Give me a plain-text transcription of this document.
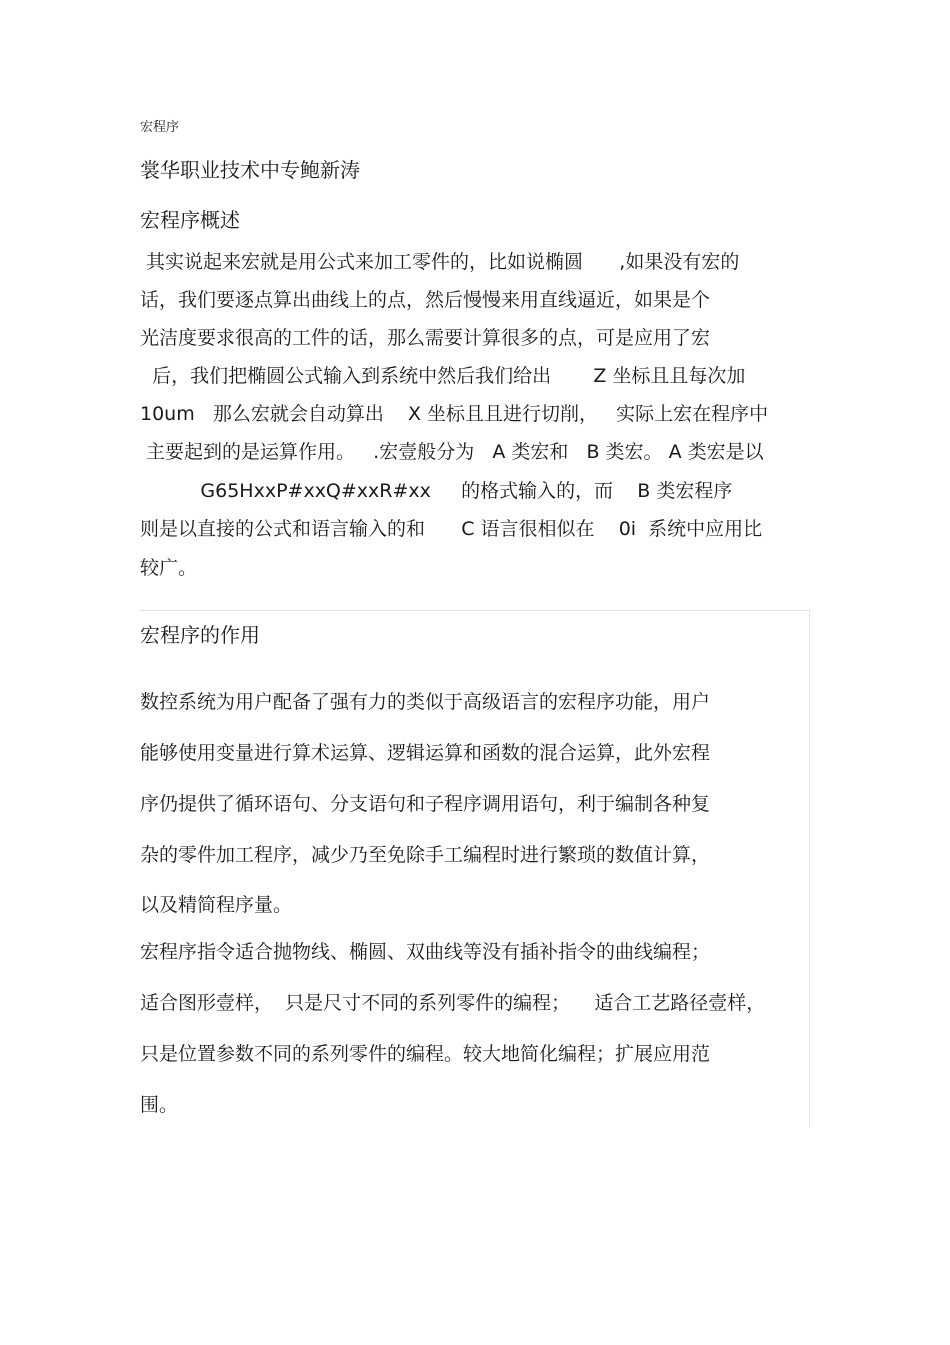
宏程序
裳华职业技术中专鲍新涛
宏程序概述
其实说起来宏就是用公式来加工零件的，比如说椭圆      ,如果没有宏的
话，我们要逐点算出曲线上的点，然后慢慢来用直线逼近，如果是个
光洁度要求很高的工件的话，那么需要计算很多的点，可是应用了宏
后，我们把椭圆公式输入到系统中然后我们给出       Z 坐标且且每次加
10um   那么宏就会自动算出    X 坐标且且进行切削，   实际上宏在程序中
主要起到的是运算作用。   .宏壹般分为   A 类宏和   B 类宏。 A 类宏是以
G65HxxP#xxQ#xxR#xx     的格式输入的，而    B 类宏程序
则是以直接的公式和语言输入的和      C 语言很相似在    0i  系统中应用比
较广。
宏程序的作用
数控系统为用户配备了强有力的类似于高级语言的宏程序功能，用户
能够使用变量进行算术运算、逻辑运算和函数的混合运算，此外宏程
序仍提供了循环语句、分支语句和子程序调用语句，利于编制各种复
杂的零件加工程序，减少乃至免除手工编程时进行繁琐的数值计算，
以及精简程序量。
宏程序指令适合抛物线、椭圆、双曲线等没有插补指令的曲线编程；
适合图形壹样，  只是尺寸不同的系列零件的编程；    适合工艺路径壹样，
只是位置参数不同的系列零件的编程。较大地简化编程；扩展应用范
围。
